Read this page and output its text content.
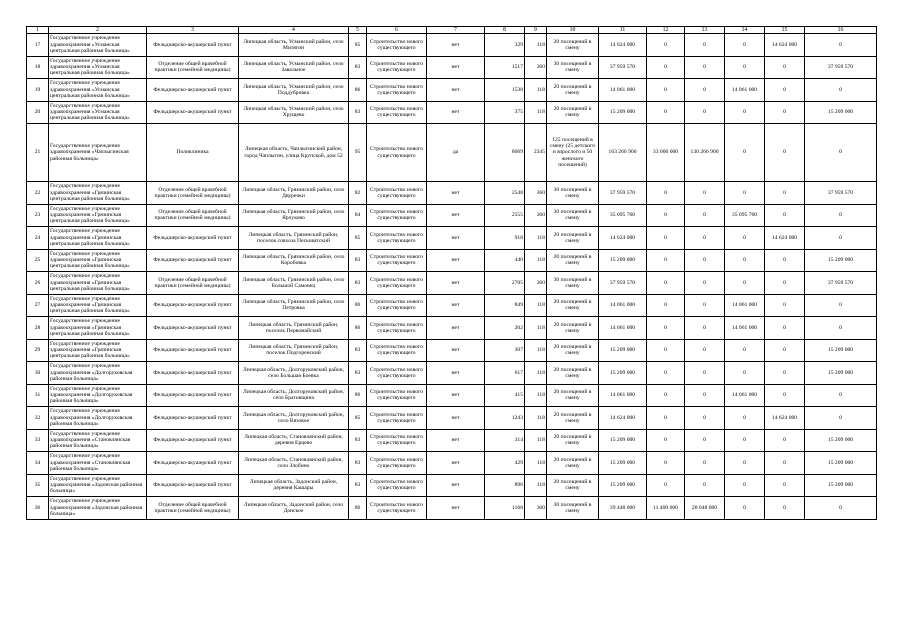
1	2	3	4	5	6	7	8	9	10	11	12	13	14	15	16
17	Государственное учреждение здравоохранения «Усманская центральная районная больница»	Фельдшерско-акушерский пункт	Липецкая область, Усманский район, село Митягин	85	Строительство нового существующего	нет	329	118	20 посещений в смену	14 624 000	0	0	0	14 624 000	0
18	Государственное учреждение здравоохранения «Усманская центральная районная больница»	Отделение общей врачебной практики (семейной медицины)	Липецкая область, Усманский район, село Завальное	83	Строительство нового существующего	нет	1517	360	30 посещений в смену	37 959 570	0	0	0	0	37 959 570
19	Государственное учреждение здравоохранения «Усманская центральная районная больница»	Фельдшерско-акушерский пункт	Липецкая область, Усманский район, село Поддубровка	86	Строительство нового существующего	нет	1538	118	20 посещений в смену	14 061 000	0	0	14 061 000	0	0
20	Государственное учреждение здравоохранения «Усманская центральная районная больница»	Фельдшерско-акушерский пункт	Липецкая область, Усманский район, село Хрущево	83	Строительство нового существующего	нет	375	118	20 посещений в смену	15 209 000	0	0	0	0	15 209 000
21	Государственное учреждение здравоохранения «Чаплыгинская районная больница»	Поликлиника	Липецкая область, Чаплыгинский район, город Чаплыгин, улица Крупской, дом 52	95	Строительство нового существующего	да	8069	2345	125 посещений в смену (25 детского и взрослого и 50 женского посещений)	163 266 900	33 000 000	130 266 900	0	0	0
22	Государственное учреждение здравоохранения «Грязинская центральная районная больница»	Отделение общей врачебной практики (семейной медицины)	Липецкая область, Грязинский район, село Двуречки	82	Строительство нового существующего	нет	2548	360	30 посещений в смену	37 959 570	0	0	0	0	37 959 570
23	Государственное учреждение здравоохранения «Грязинская центральная районная больница»	Отделение общей врачебной практики (семейной медицины)	Липецкая область, Грязинский район, село Ярлуково	84	Строительство нового существующего	нет	2555	360	30 посещений в смену	35 095 760	0	0	35 095 760	0	0
24	Государственное учреждение здравоохранения «Грязинская центральная районная больница»	Фельдшерско-акушерский пункт	Липецкая область, Грязинский район, поселок совхоза Песковатский	85	Строительство нового существующего	нет	918	118	20 посещений в смену	14 624 000	0	0	0	14 624 000	0
25	Государственное учреждение здравоохранения «Грязинская центральная районная больница»	Фельдшерско-акушерский пункт	Липецкая область, Грязинский район, село Коробовка	83	Строительство нового существующего	нет	440	118	20 посещений в смену	15 209 000	0	0	0	0	15 209 000
26	Государственное учреждение здравоохранения «Грязинская центральная районная больница»	Отделение общей врачебной практики (семейной медицины)	Липецкая область, Грязинский район, село Большой Самовец	83	Строительство нового существующего	нет	2705	360	30 посещений в смену	37 959 570	0	0	0	0	37 959 570
27	Государственное учреждение здравоохранения «Грязинская центральная районная больница»	Фельдшерско-акушерский пункт	Липецкая область, Грязинский район, село Петровка	86	Строительство нового существующего	нет	849	118	20 посещений в смену	14 061 000	0	0	14 061 000	0	0
28	Государственное учреждение здравоохранения «Грязинская центральная районная больница»	Фельдшерско-акушерский пункт	Липецкая область, Грязинский район, поселок Первомайский	86	Строительство нового существующего	нет	202	118	20 посещений в смену	14 061 000	0	0	14 061 000	0	0
29	Государственное учреждение здравоохранения «Грязинская центральная районная больница»	Фельдшерско-акушерский пункт	Липецкая область, Грязинский район, поселок Подгоренский	83	Строительство нового существующего	нет	307	118	20 посещений в смену	15 209 000	0	0	0	0	15 209 000
30	Государственное учреждение здравоохранения «Долгоруковская районная больница»	Фельдшерско-акушерский пункт	Липецкая область, Долгоруковский район, село Большая Боевка	83	Строительство нового существующего	нет	617	118	20 посещений в смену	15 209 000	0	0	0	0	15 209 000
31	Государственное учреждение здравоохранения «Долгоруковская районная больница»	Фельдшерско-акушерский пункт	Липецкая область, Долгоруковский район, село Братовщина	86	Строительство нового существующего	нет	415	118	20 посещений в смену	14 061 000	0	0	14 061 000	0	0
32	Государственное учреждение здравоохранения «Долгоруковская районная больница»	Фельдшерско-акушерский пункт	Липецкая область, Долгоруковский район, село Вязовое	85	Строительство нового существующего	нет	1243	118	20 посещений в смену	14 624 000	0	0	0	14 624 000	0
33	Государственное учреждение здравоохранения «Становлянская районная больница»	Фельдшерско-акушерский пункт	Липецкая область, Становлянский район, деревня Ерцево	83	Строительство нового существующего	нет	314	118	20 посещений в смену	15 209 000	0	0	0	0	15 209 000
34	Государственное учреждение здравоохранения «Становлянская районная больница»	Фельдшерско-акушерский пункт	Липецкая область, Становлянский район, село Злобино	83	Строительство нового существующего	нет	429	118	20 посещений в смену	15 209 000	0	0	0	0	15 209 000
35	Государственное учреждение здравоохранения «Задонская районная больница»	Фельдшерско-акушерский пункт	Липецкая область, Задонский район, деревня Кашары	83	Строительство нового существующего	нет	896	118	20 посещений в смену	15 209 000	0	0	0	0	15 209 000
36	Государственное учреждение здравоохранения «Задонская районная больница»	Отделение общей врачебной практики (семейной медицины)	Липецкая область, Задонский район, село Донское	86	Строительство нового существующего	нет	1168	360	30 посещений в смену	39 448 000	11 400 000	28 048 000	0	0	0
